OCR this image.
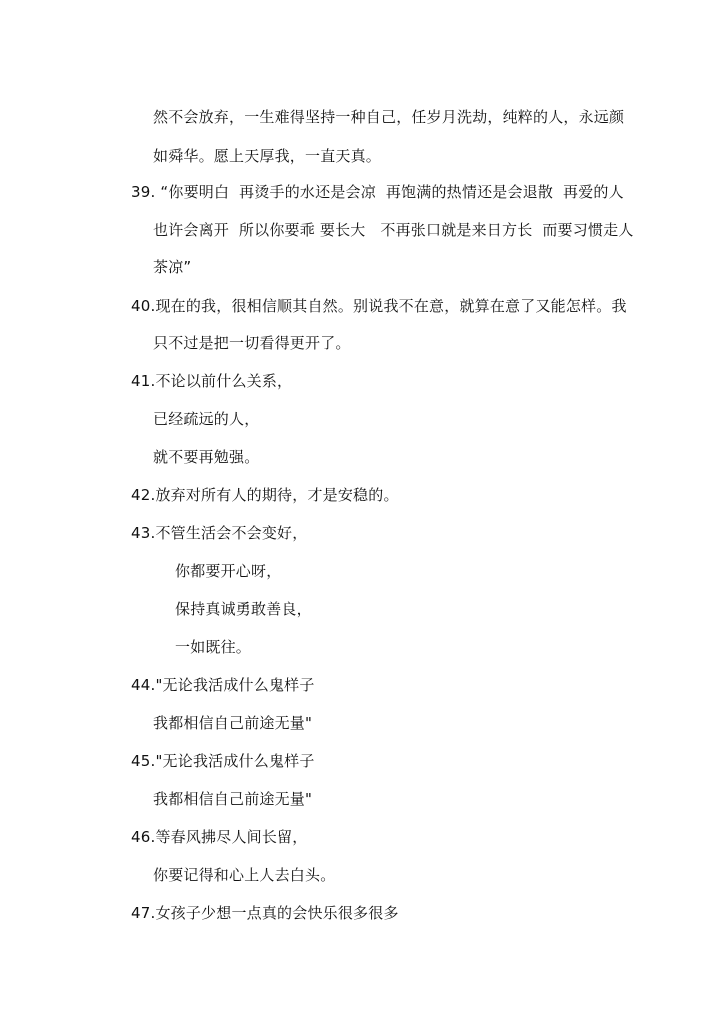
然不会放弃，一生难得坚持一种自己，任岁月洗劫，纯粹的人，永远颜
如舜华。愿上天厚我，一直天真。
39. “你要明白  再烫手的水还是会凉  再饱满的热情还是会退散  再爱的人
也许会离开  所以你要乖 要长大   不再张口就是来日方长  而要习惯走人
茶凉”
40.现在的我，很相信顺其自然。别说我不在意，就算在意了又能怎样。我
只不过是把一切看得更开了。
41.不论以前什么关系，
已经疏远的人，
就不要再勉强。
42.放弃对所有人的期待，才是安稳的。
43.不管生活会不会变好，
你都要开心呀，
保持真诚勇敢善良，
一如既往。
44."无论我活成什么鬼样子
我都相信自己前途无量"
45."无论我活成什么鬼样子
我都相信自己前途无量"
46.等春风拂尽人间长留，
你要记得和心上人去白头。
47.女孩子少想一点真的会快乐很多很多
